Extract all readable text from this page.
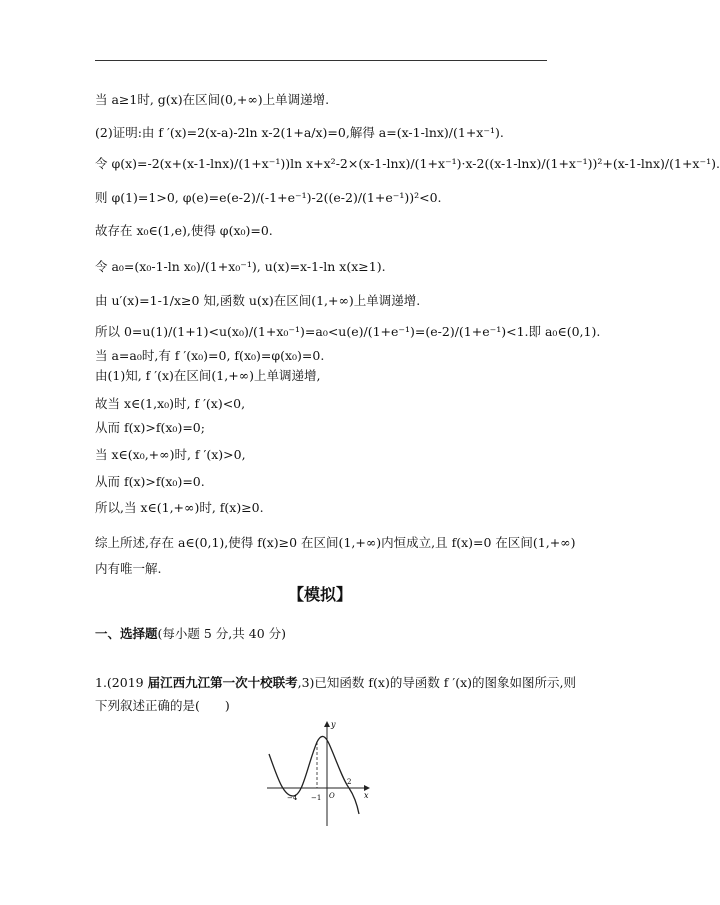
当 a≥1时, g(x)在区间(0,+∞)上单调递增.
(2)证明:由 f ′(x)=2(x-a)-2ln x-2(1+a/x)=0,解得 a=(x-1-lnx)/(1+x⁻¹).
令 φ(x)=-2(x+(x-1-lnx)/(1+x⁻¹))ln x+x²-2×(x-1-lnx)/(1+x⁻¹)·x-2((x-1-lnx)/(1+x⁻¹))²+(x-1-lnx)/(1+x⁻¹).
则 φ(1)=1>0, φ(e)=e(e-2)/(-1+e⁻¹)-2((e-2)/(1+e⁻¹))²<0.
故存在 x₀∈(1,e),使得 φ(x₀)=0.
令 a₀=(x₀-1-ln x₀)/(1+x₀⁻¹), u(x)=x-1-ln x(x≥1).
由 u′(x)=1-1/x≥0 知,函数 u(x)在区间(1,+∞)上单调递增.
所以 0=u(1)/(1+1)<u(x₀)/(1+x₀⁻¹)=a₀<u(e)/(1+e⁻¹)=(e-2)/(1+e⁻¹)<1.即 a₀∈(0,1).
当 a=a₀时,有 f ′(x₀)=0, f(x₀)=φ(x₀)=0.
由(1)知, f ′(x)在区间(1,+∞)上单调递增,
故当 x∈(1,x₀)时, f ′(x)<0,
从而 f(x)>f(x₀)=0;
当 x∈(x₀,+∞)时, f ′(x)>0,
从而 f(x)>f(x₀)=0.
所以,当 x∈(1,+∞)时, f(x)≥0.
综上所述,存在 a∈(0,1),使得 f(x)≥0 在区间(1,+∞)内恒成立,且 f(x)=0 在区间(1,+∞)
内有唯一解.
【模拟】
一、选择题(每小题 5 分,共 40 分)
1.(2019 届江西九江第一次十校联考,3)已知函数 f(x)的导函数 f ′(x)的图象如图所示,则
下列叙述正确的是(　　)
y
x
−4 −1 O
2
